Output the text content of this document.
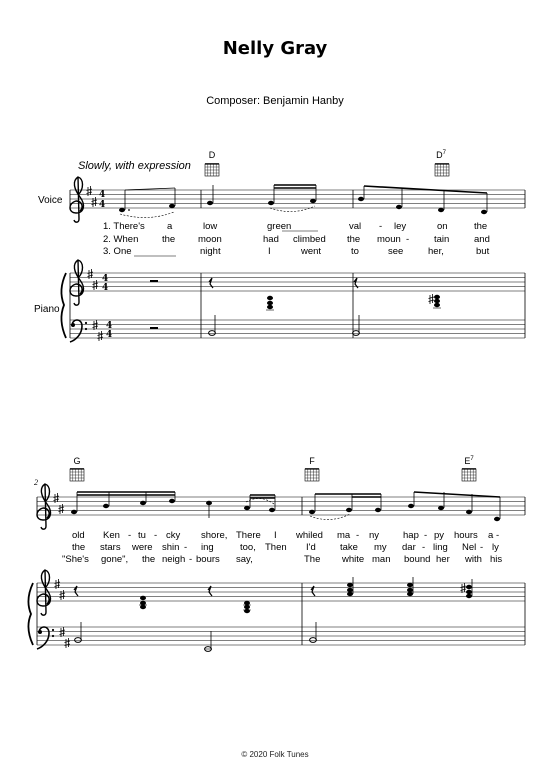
Nelly Gray
Composer: Benjamin Hanby
Slowly, with expression
Voice
Piano
2
D	$D^7$
G	F	$E^7$
1. There's a	low	green	val - ley	on	the
2. When the moon	had climbed the moun -	tain	and
3. One	night	I	went	to	see	her,	but
old Ken - tu - cky shore, There I whiled ma - ny	hap - py hours a -
the stars were shin - ing	too, Then I'd	take my dar - ling Nel - ly
"She's gone", the neigh - bours say,	The white man bound her with his
© 2020 Folk Tunes
4
4
4
4
4
4
